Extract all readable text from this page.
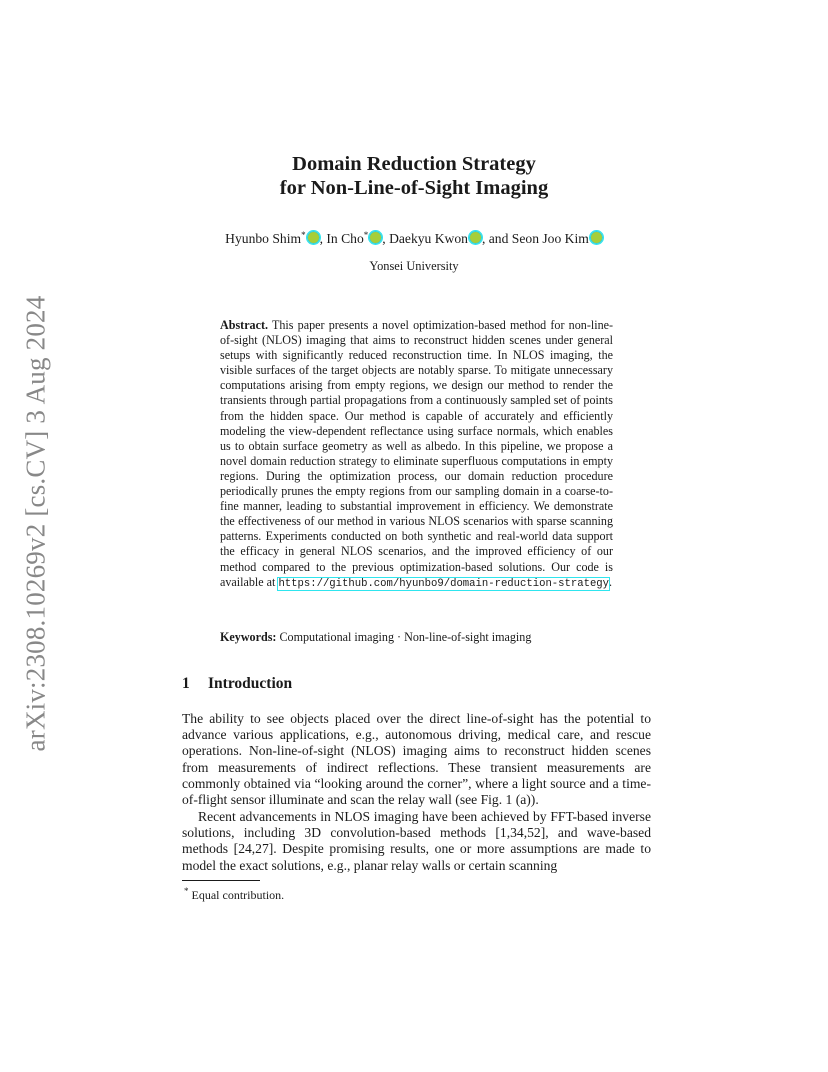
arXiv:2308.10269v2 [cs.CV] 3 Aug 2024
Domain Reduction Strategy
for Non-Line-of-Sight Imaging
Hyunbo Shim* , In Cho* , Daekyu Kwon , and Seon Joo Kim
Yonsei University
Abstract. This paper presents a novel optimization-based method for non-line-of-sight (NLOS) imaging that aims to reconstruct hidden scenes under general setups with significantly reduced reconstruction time. In NLOS imaging, the visible surfaces of the target objects are notably sparse. To mitigate unnecessary computations arising from empty regions, we design our method to render the transients through partial propagations from a continuously sampled set of points from the hidden space. Our method is capable of accurately and efficiently modeling the view-dependent reflectance using surface normals, which enables us to obtain surface geometry as well as albedo. In this pipeline, we propose a novel domain reduction strategy to eliminate superfluous computations in empty regions. During the optimization process, our domain reduction procedure periodically prunes the empty regions from our sampling domain in a coarse-to-fine manner, leading to substantial improvement in efficiency. We demonstrate the effectiveness of our method in various NLOS scenarios with sparse scanning patterns. Experiments conducted on both synthetic and real-world data support the efficacy in general NLOS scenarios, and the improved efficiency of our method compared to the previous optimization-based solutions. Our code is available at https://github.com/hyunbo9/domain-reduction-strategy.
Keywords: Computational imaging · Non-line-of-sight imaging
1 Introduction
The ability to see objects placed over the direct line-of-sight has the potential to advance various applications, e.g., autonomous driving, medical care, and rescue operations. Non-line-of-sight (NLOS) imaging aims to reconstruct hidden scenes from measurements of indirect reflections. These transient measurements are commonly obtained via “looking around the corner”, where a light source and a time-of-flight sensor illuminate and scan the relay wall (see Fig. 1 (a)).
Recent advancements in NLOS imaging have been achieved by FFT-based inverse solutions, including 3D convolution-based methods [1,34,52], and wave-based methods [24,27]. Despite promising results, one or more assumptions are made to model the exact solutions, e.g., planar relay walls or certain scanning
* Equal contribution.
